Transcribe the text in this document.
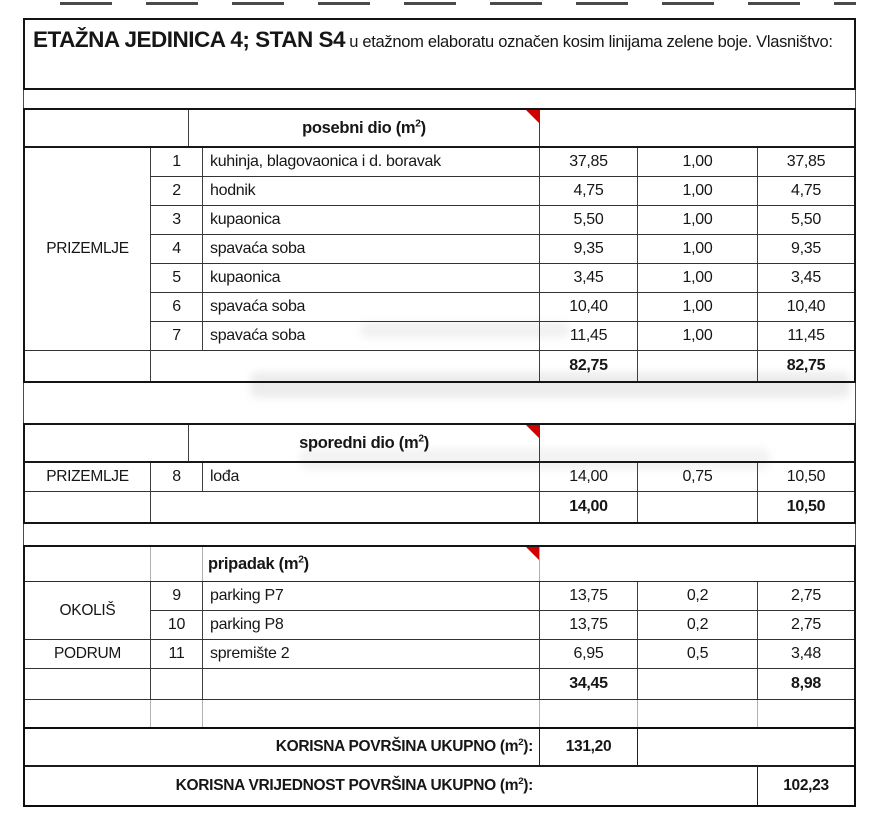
ETAŽNA JEDINICA 4; STAN S4 u etažnom elaboratu označen kosim linijama zelene boje. Vlasništvo:
posebni dio $(m^2)$
PRIZEMLJE
1	kuhinja, blagovaonica i d. boravak	37,85	1,00	37,85
2	hodnik	4,75	1,00	4,75
3	kupaonica	5,50	1,00	5,50
4	spavaća soba	9,35	1,00	9,35
5	kupaonica	3,45	1,00	3,45
6	spavaća soba	10,40	1,00	10,40
7	spavaća soba	11,45	1,00	11,45
82,75	82,75
sporedni dio $(m^2)$
PRIZEMLJE	8	lođa	14,00	0,75	10,50
14,00	10,50
pripadak $(m^2)$
OKOLIŠ
9	parking P7	13,75	0,2	2,75
10	parking P8	13,75	0,2	2,75
PODRUM	11	spremište 2	6,95	0,5	3,48
34,45	8,98
KORISNA POVRŠINA UKUPNO $(m^2)$:	131,20
KORISNA VRIJEDNOST POVRŠINA UKUPNO $(m^2)$:	102,23
